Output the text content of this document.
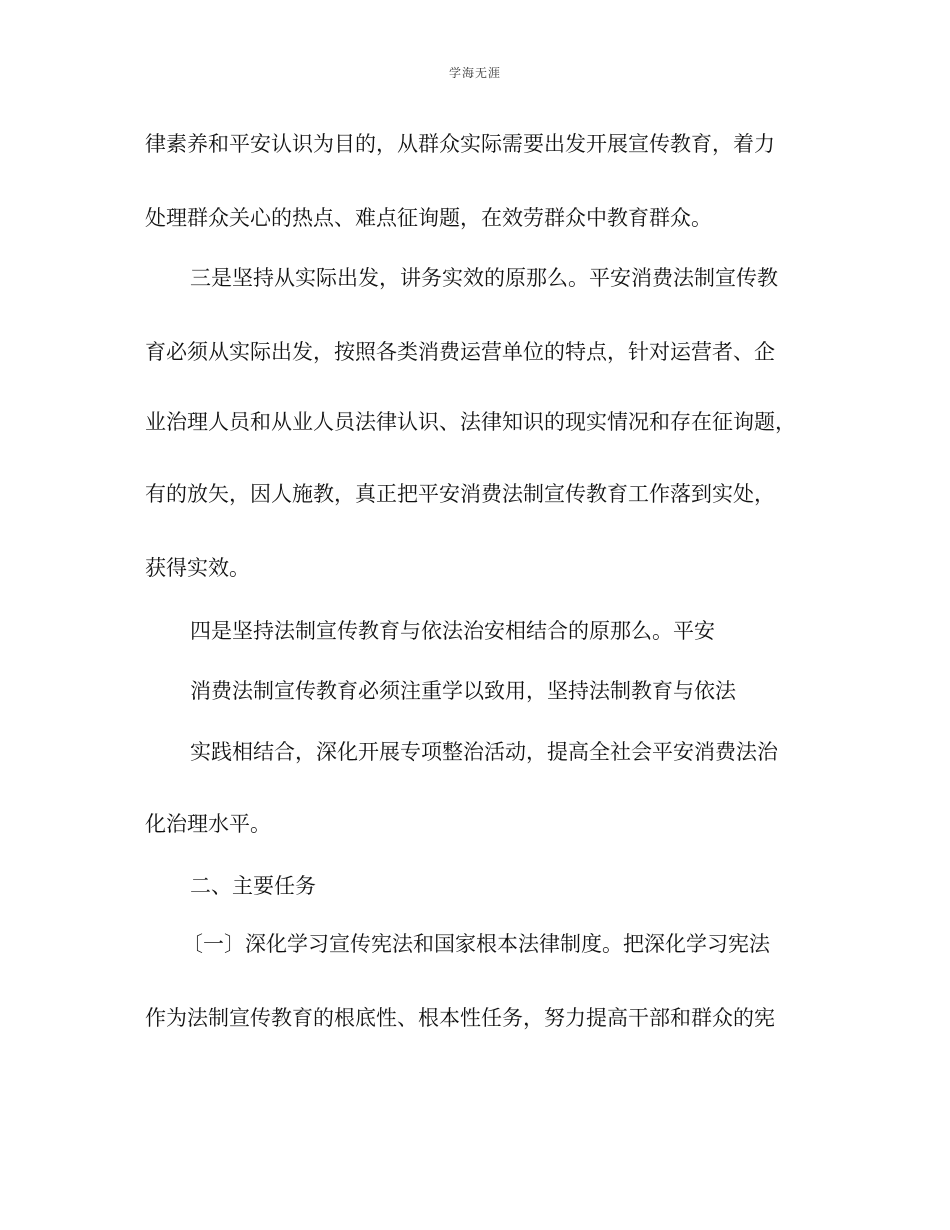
学海无涯
律素养和平安认识为目的，从群众实际需要出发开展宣传教育，着力
处理群众关心的热点、难点征询题，在效劳群众中教育群众。
三是坚持从实际出发，讲务实效的原那么。平安消费法制宣传教
育必须从实际出发，按照各类消费运营单位的特点，针对运营者、企
业治理人员和从业人员法律认识、法律知识的现实情况和存在征询题，
有的放矢，因人施教，真正把平安消费法制宣传教育工作落到实处，
获得实效。
四是坚持法制宣传教育与依法治安相结合的原那么。平安
消费法制宣传教育必须注重学以致用，坚持法制教育与依法
实践相结合，深化开展专项整治活动，提高全社会平安消费法治
化治理水平。
二、主要任务
〔一〕深化学习宣传宪法和国家根本法律制度。把深化学习宪法
作为法制宣传教育的根底性、根本性任务，努力提高干部和群众的宪
